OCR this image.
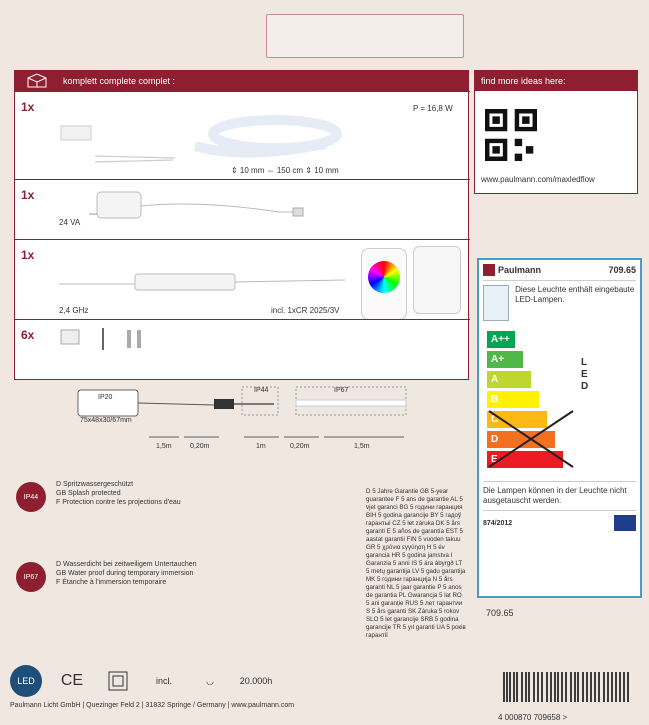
komplett complete complet :
1x	P = 16,8 W
⇕ 10 mm ⇔ 150 cm ⇕ 10 mm
1x
24 VA
1x
2,4 GHz	incl. 1xCR 2025/3V
6x
IP20
IP44	IP67
75x48x30/67mm
1,5m	0,20m	1m	0,20m	1,5m
find more ideas here:
www.paulmann.com/maxledflow
Paulmann	709.65
Diese Leuchte enthält eingebaute LED-Lampen.
A++
A+
A
B
C
D
E
LED
Die Lampen können in der Leuchte nicht ausgetauscht werden.
874/2012
709.65
IP44
D Spritzwassergeschützt
GB Splash protected
F Protection contre les projections d'eau
IP67
D Wasserdicht bei zeitweiligem Untertauchen
GB Water proof during temporary immersion
F Étanche à l'immersion temporaire
D 5 Jahre Garantie GB 5-year guarantee F 5 ans de garantie AL 5 vjet garanci BG 5 години гаранция BIH 5 godina garancije BY 5 гадоў гарантыі CZ 5 let záruka DK 5 års garanti E 5 años de garantía EST 5 aastat garantii FIN 5 vuoden takuu GR 5 χρόνια εγγύηση H 5 év garancia HR 5 godina jamstva I Garanzia 5 anni IS 5 ára ábyrgð LT 5 metų garantija LV 5 gadu garantija MK 5 години гаранција N 5 års garanti NL 5 jaar garantie P 5 anos de garantia PL Gwarancja 5 lat RO 5 ani garanție RUS 5 лет гарантии S 5 års garanti SK Záruka 5 rokov SLO 5 let garancije SRB 5 godina garancije TR 5 yıl garanti UA 5 років гарантії
LED	CE	incl.	◡	20.000h
Paulmann Licht GmbH | Quezinger Feld 2 | 31832 Springe / Germany | www.paulmann.com
4 000870 709658 >
